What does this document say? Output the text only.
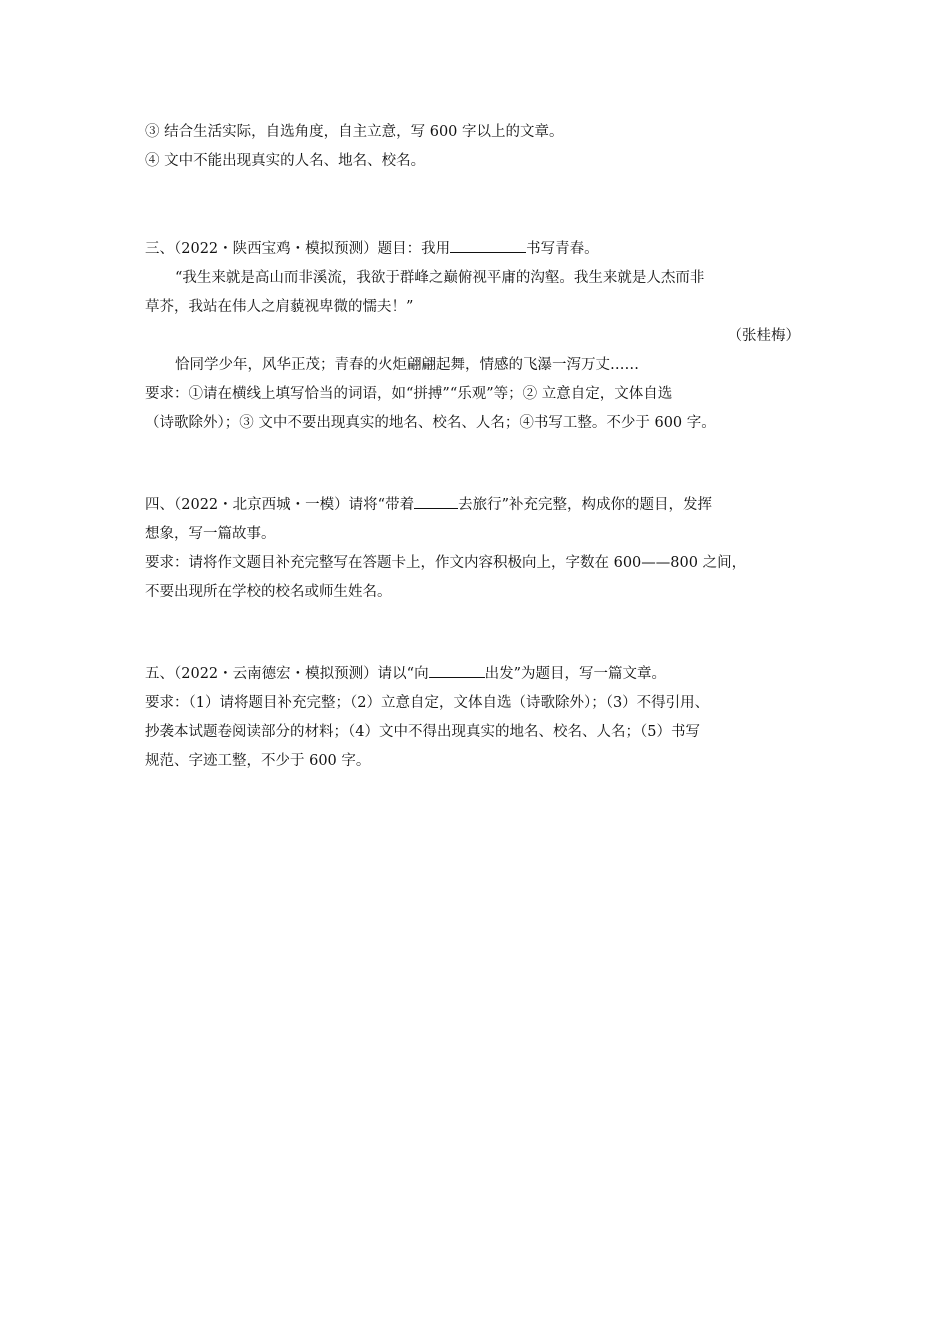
③ 结合生活实际，自选角度，自主立意，写 600 字以上的文章。
④ 文中不能出现真实的人名、地名、校名。
三、（2022・陕西宝鸡・模拟预测）题目：我用	书写青春。
“我生来就是高山而非溪流，我欲于群峰之巅俯视平庸的沟壑。我生来就是人杰而非
草芥，我站在伟人之肩藐视卑微的懦夫！”
（张桂梅）
恰同学少年，风华正茂；青春的火炬翩翩起舞，情感的飞瀑一泻万丈……
要求：①请在横线上填写恰当的词语，如“拼搏”“乐观”等；② 立意自定，文体自选
（诗歌除外）；③ 文中不要出现真实的地名、校名、人名；④书写工整。不少于 600 字。
四、（2022・北京西城・一模）请将“带着	去旅行”补充完整，构成你的题目，发挥
想象，写一篇故事。
要求：请将作文题目补充完整写在答题卡上，作文内容积极向上，字数在 600——800 之间，
不要出现所在学校的校名或师生姓名。
五、（2022・云南德宏・模拟预测）请以“向	出发”为题目，写一篇文章。
要求：（1）请将题目补充完整；（2）立意自定，文体自选（诗歌除外）；（3）不得引用、
抄袭本试题卷阅读部分的材料；（4）文中不得出现真实的地名、校名、人名；（5）书写
规范、字迹工整，不少于 600 字。
